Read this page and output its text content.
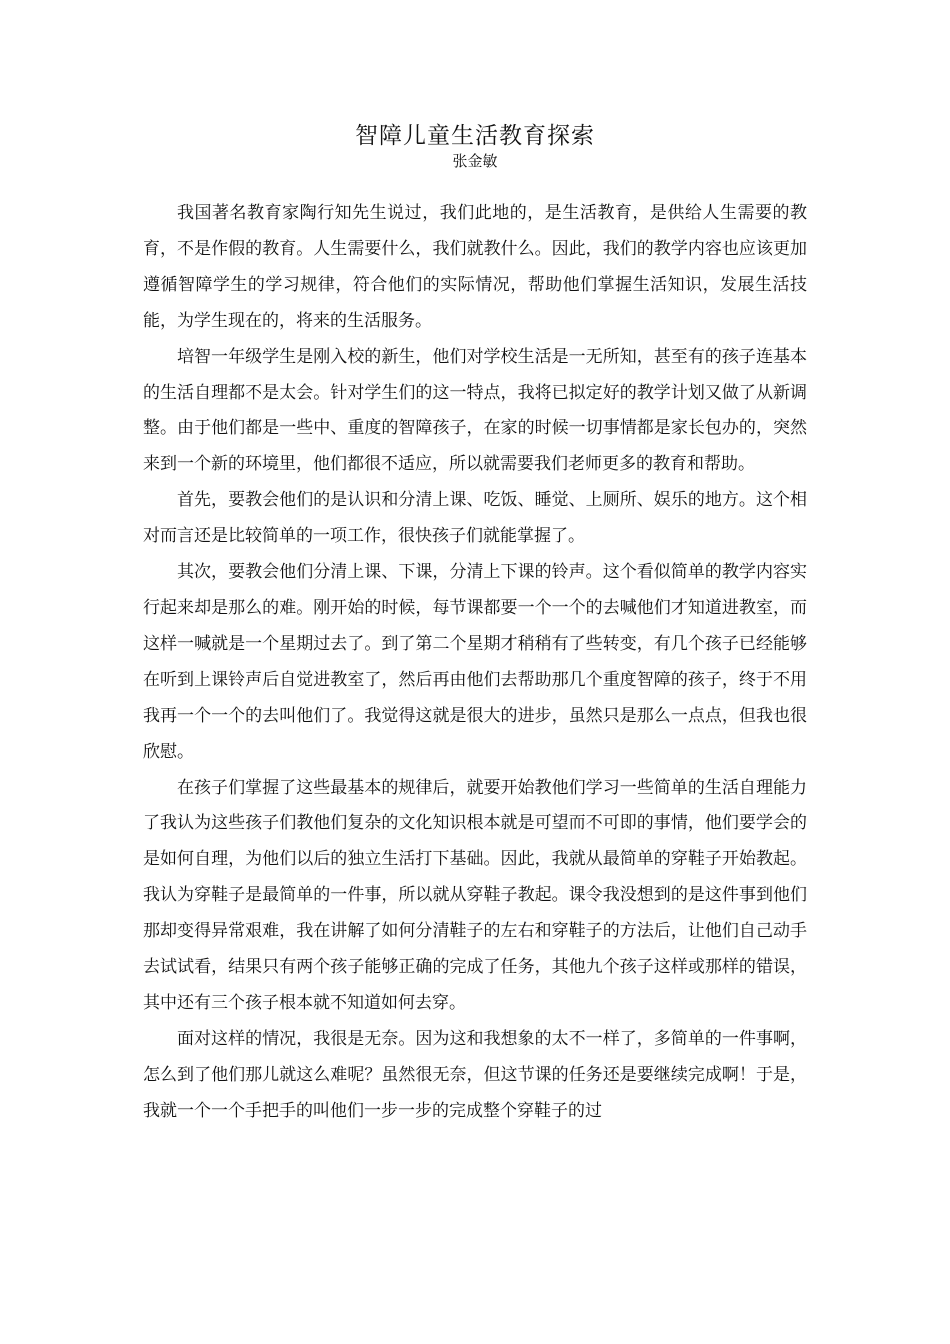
智障儿童生活教育探索
张金敏

我国著名教育家陶行知先生说过，我们此地的，是生活教育，是供给人生需要的教育，不是作假的教育。人生需要什么，我们就教什么。因此，我们的教学内容也应该更加遵循智障学生的学习规律，符合他们的实际情况，帮助他们掌握生活知识，发展生活技能，为学生现在的，将来的生活服务。

培智一年级学生是刚入校的新生，他们对学校生活是一无所知，甚至有的孩子连基本的生活自理都不是太会。针对学生们的这一特点，我将已拟定好的教学计划又做了从新调整。由于他们都是一些中、重度的智障孩子，在家的时候一切事情都是家长包办的，突然来到一个新的环境里，他们都很不适应，所以就需要我们老师更多的教育和帮助。

首先，要教会他们的是认识和分清上课、吃饭、睡觉、上厕所、娱乐的地方。这个相对而言还是比较简单的一项工作，很快孩子们就能掌握了。

其次，要教会他们分清上课、下课，分清上下课的铃声。这个看似简单的教学内容实行起来却是那么的难。刚开始的时候，每节课都要一个一个的去喊他们才知道进教室，而这样一喊就是一个星期过去了。到了第二个星期才稍稍有了些转变，有几个孩子已经能够在听到上课铃声后自觉进教室了，然后再由他们去帮助那几个重度智障的孩子，终于不用我再一个一个的去叫他们了。我觉得这就是很大的进步，虽然只是那么一点点，但我也很欣慰。

在孩子们掌握了这些最基本的规律后，就要开始教他们学习一些简单的生活自理能力了我认为这些孩子们教他们复杂的文化知识根本就是可望而不可即的事情，他们要学会的是如何自理，为他们以后的独立生活打下基础。因此，我就从最简单的穿鞋子开始教起。我认为穿鞋子是最简单的一件事，所以就从穿鞋子教起。课令我没想到的是这件事到他们那却变得异常艰难，我在讲解了如何分清鞋子的左右和穿鞋子的方法后，让他们自己动手去试试看，结果只有两个孩子能够正确的完成了任务，其他九个孩子这样或那样的错误，其中还有三个孩子根本就不知道如何去穿。

面对这样的情况，我很是无奈。因为这和我想象的太不一样了，多简单的一件事啊，怎么到了他们那儿就这么难呢？虽然很无奈，但这节课的任务还是要继续完成啊！于是，我就一个一个手把手的叫他们一步一步的完成整个穿鞋子的过
